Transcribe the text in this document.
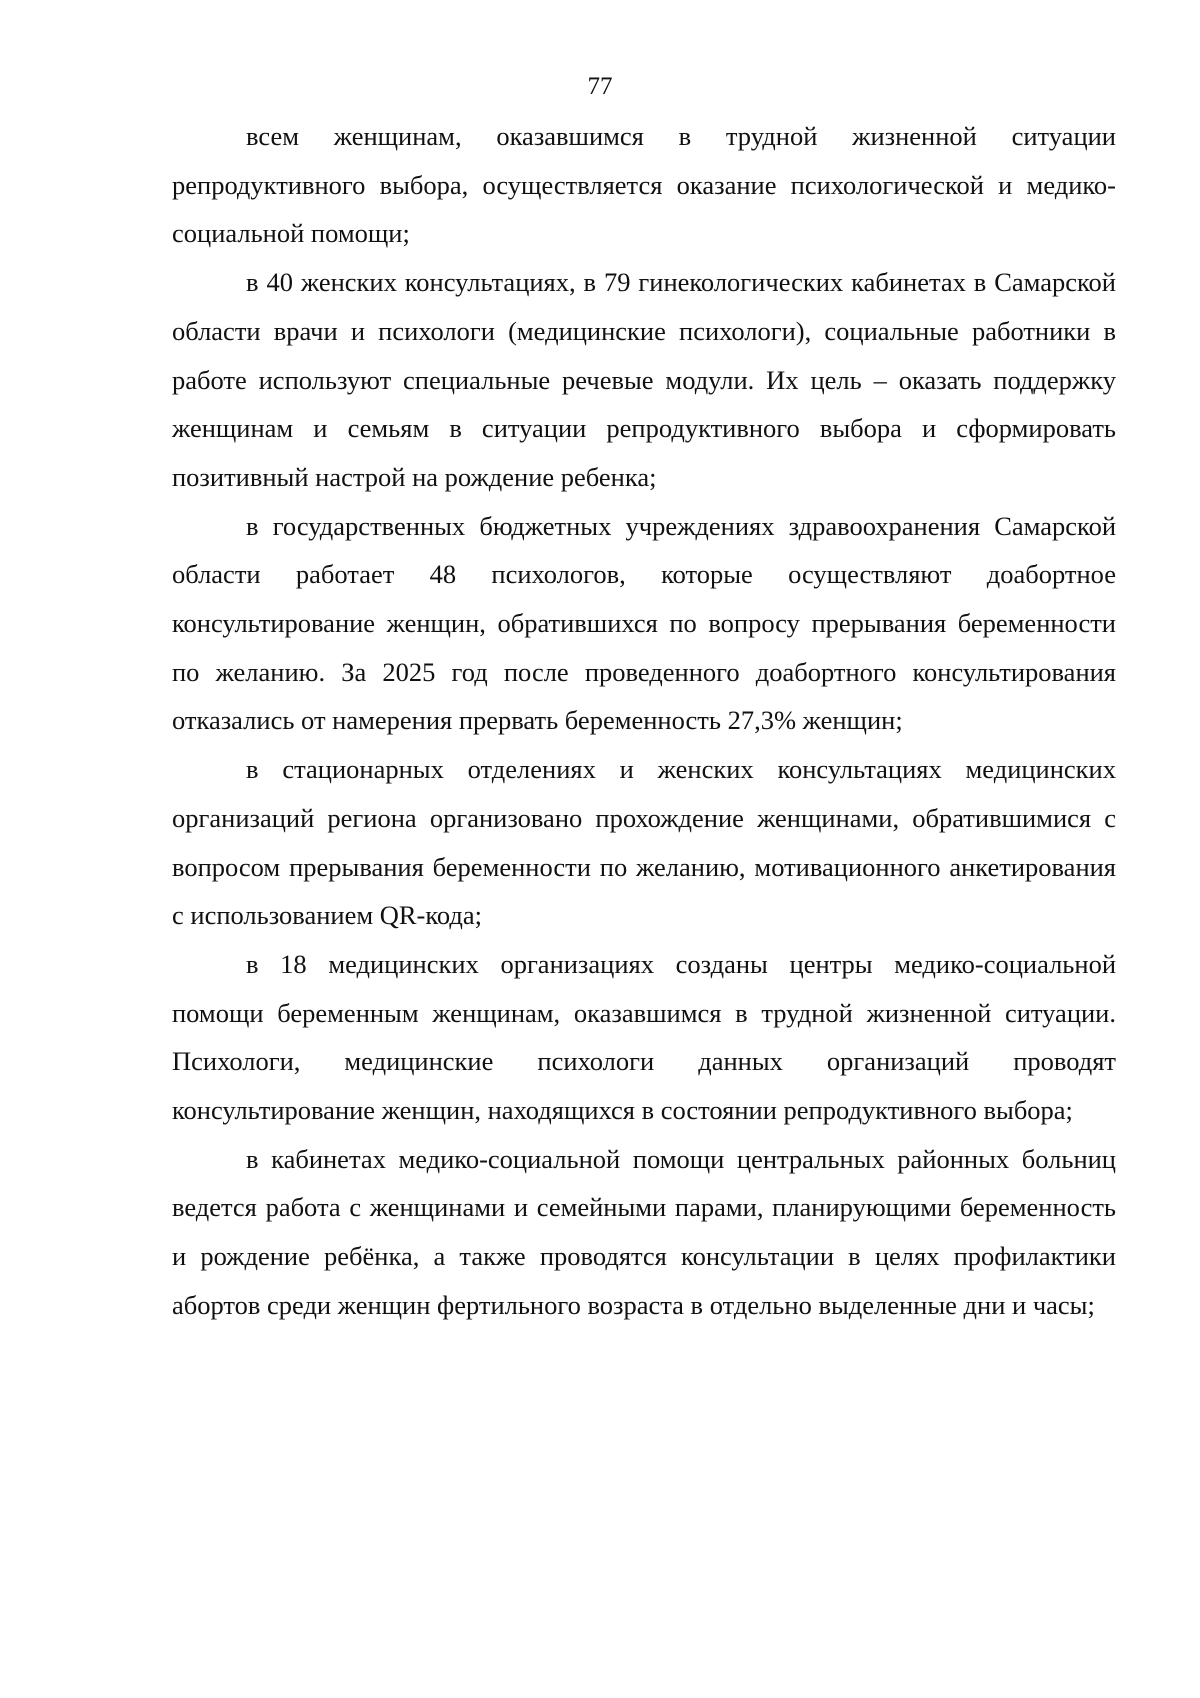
77

всем женщинам, оказавшимся в трудной жизненной ситуации репродуктивного выбора, осуществляется оказание психологической и медико-социальной помощи;

в 40 женских консультациях, в 79 гинекологических кабинетах в Самарской области врачи и психологи (медицинские психологи), социальные работники в работе используют специальные речевые модули. Их цель – оказать поддержку женщинам и семьям в ситуации репродуктивного выбора и сформировать позитивный настрой на рождение ребенка;

в государственных бюджетных учреждениях здравоохранения Самарской области работает 48 психологов, которые осуществляют доабортное консультирование женщин, обратившихся по вопросу прерывания беременности по желанию. За 2025 год после проведенного доабортного консультирования отказались от намерения прервать беременность 27,3% женщин;

в стационарных отделениях и женских консультациях медицинских организаций региона организовано прохождение женщинами, обратившимися с вопросом прерывания беременности по желанию, мотивационного анкетирования с использованием QR-кода;

в 18 медицинских организациях созданы центры медико-социальной помощи беременным женщинам, оказавшимся в трудной жизненной ситуации. Психологи, медицинские психологи данных организаций проводят консультирование женщин, находящихся в состоянии репродуктивного выбора;

в кабинетах медико-социальной помощи центральных районных больниц ведется работа с женщинами и семейными парами, планирующими беременность и рождение ребёнка, а также проводятся консультации в целях профилактики абортов среди женщин фертильного возраста в отдельно выделенные дни и часы;
